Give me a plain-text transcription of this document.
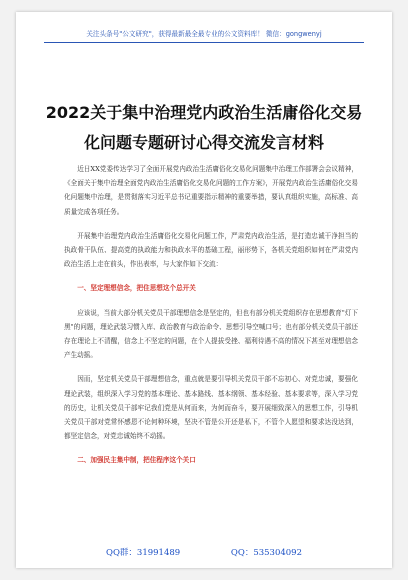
关注头条号"公文研究"，获得最新最全最专业的公文资料库！ 微信：gongwenyj
2022关于集中治理党内政治生活庸俗化交易
化问题专题研讨心得交流发言材料

近日XX党委传达学习了全面开展党内政治生活庸俗化交易化问题集中治理工作部署会会议精神，《全面关于集中治理全面党内政治生活庸俗化交易化问题的工作方案》，开展党内政治生活庸俗化交易化问题集中治理，是贯彻落实习近平总书记重要指示精神的重要举措，要认真组织实施，高标准、高质量完成各项任务。

开展集中治理党内政治生活庸俗化交易化问题工作，严肃党内政治生活，是打造忠诚干净担当的执政骨干队伍、提高党的执政能力和执政水平的基础工程，丽形势下，各机关党组织如何在严肃党内政治生活上走在前头，作出表率，与大家作如下交流：

一、坚定理想信念，把住思想这个总开关

应该说，当前大部分机关党员干部理想信念是坚定的，但也有部分机关党组织存在思想教育"灯下黑"的问题，理论武装习惯入库、政治教育与政治命令、思想引导空喊口号；也有部分机关党员干部还存在理论上不清醒，信念上不坚定的问题，在个人提拔受挫、福利待遇不高的情况下甚至对理想信念产生动摇。

因而，坚定机关党员干部理想信念，重点就是要引导机关党员干部不忘初心、对党忠诚，要强化理论武装，组织深入学习党的基本理论、基本路线、基本纲领、基本经验、基本要求等，深入学习党的历史，让机关党员干部牢记我们党是从何而来，为何而奋斗，要开展细致深入的思想工作，引导机关党员干部对党常怀感恩不论何种环境，坚决不管是公开还是私下，不管个人愿望和要求达没达到，都坚定信念，对党忠诚始终不动摇。

二、加强民主集中制，把住程序这个关口

QQ群：31991489	QQ：535304092
